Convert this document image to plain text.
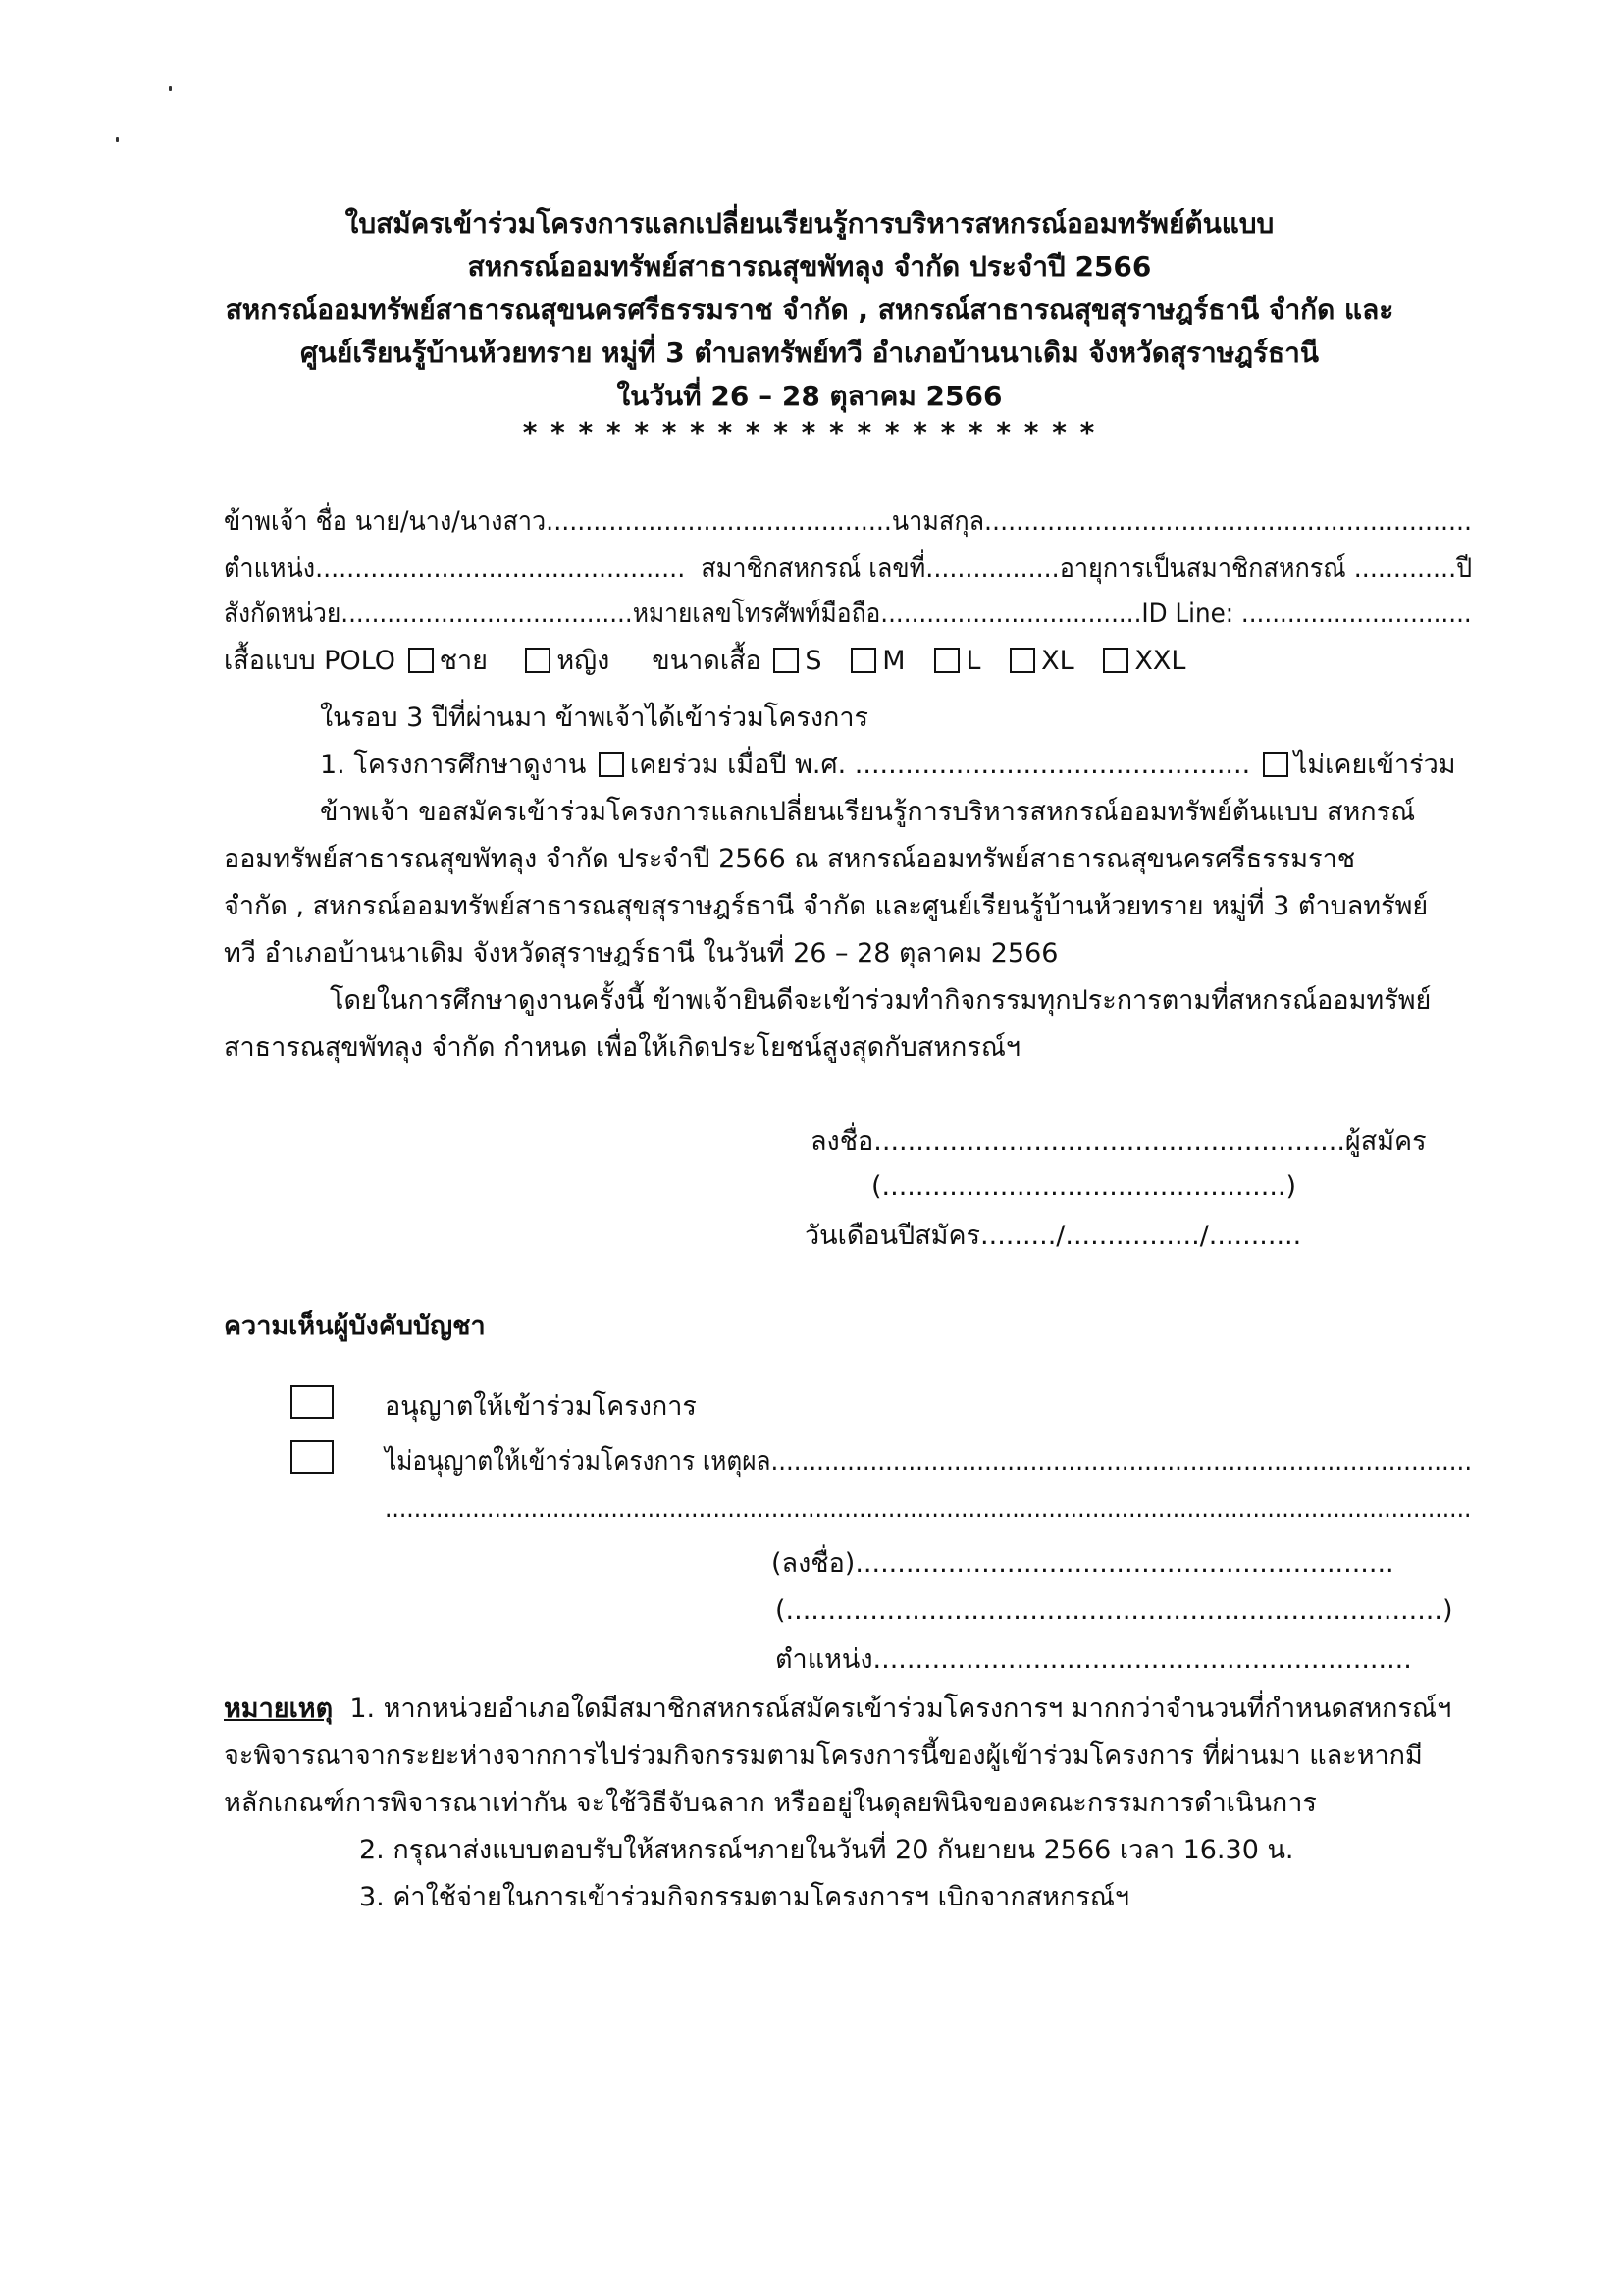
ใบสมัครเข้าร่วมโครงการแลกเปลี่ยนเรียนรู้การบริหารสหกรณ์ออมทรัพย์ต้นแบบ
สหกรณ์ออมทรัพย์สาธารณสุขพัทลุง จำกัด ประจำปี 2566
สหกรณ์ออมทรัพย์สาธารณสุขนครศรีธรรมราช จำกัด , สหกรณ์สาธารณสุขสุราษฎร์ธานี จำกัด และ
ศูนย์เรียนรู้บ้านห้วยทราย หมู่ที่ 3 ตำบลทรัพย์ทวี อำเภอบ้านนาเดิม จังหวัดสุราษฎร์ธานี
ในวันที่ 26 – 28 ตุลาคม 2566
* * * * * * * * * * * * * * * * * * * * *
ข้าพเจ้า ชื่อ นาย/นาง/นางสาว............................................นามสกุล..............................................................
ตำแหน่ง............................................... สมาชิกสหกรณ์ เลขที่.................อายุการเป็นสมาชิกสหกรณ์ .............ปี
สังกัดหน่วย......................................หมายเลขโทรศัพท์มือถือ..................................ID Line: ..............................
เสื้อแบบ POLO ชาย	หญิง ขนาดเสื้อ S M L XL XXL
ในรอบ 3 ปีที่ผ่านมา ข้าพเจ้าได้เข้าร่วมโครงการ
1. โครงการศึกษาดูงาน เคยร่วม เมื่อปี พ.ศ. ............................................... ไม่เคยเข้าร่วม
ข้าพเจ้า ขอสมัครเข้าร่วมโครงการแลกเปลี่ยนเรียนรู้การบริหารสหกรณ์ออมทรัพย์ต้นแบบ สหกรณ์
ออมทรัพย์สาธารณสุขพัทลุง จำกัด ประจำปี 2566 ณ สหกรณ์ออมทรัพย์สาธารณสุขนครศรีธรรมราช
จำกัด , สหกรณ์ออมทรัพย์สาธารณสุขสุราษฎร์ธานี จำกัด และศูนย์เรียนรู้บ้านห้วยทราย หมู่ที่ 3 ตำบลทรัพย์
ทวี อำเภอบ้านนาเดิม จังหวัดสุราษฎร์ธานี ในวันที่ 26 – 28 ตุลาคม 2566
โดยในการศึกษาดูงานครั้งนี้ ข้าพเจ้ายินดีจะเข้าร่วมทำกิจกรรมทุกประการตามที่สหกรณ์ออมทรัพย์
สาธารณสุขพัทลุง จำกัด กำหนด เพื่อให้เกิดประโยชน์สูงสุดกับสหกรณ์ฯ
ลงชื่อ........................................................ผู้สมัคร
(................................................)
วันเดือนปีสมัคร........./................/...........
ความเห็นผู้บังคับบัญชา
อนุญาตให้เข้าร่วมโครงการ
ไม่อนุญาตให้เข้าร่วมโครงการ เหตุผล............................................................................................
.....................................................................................................................................................
(ลงชื่อ)................................................................
(..............................................................................)
ตำแหน่ง................................................................
หมายเหตุ 1. หากหน่วยอำเภอใดมีสมาชิกสหกรณ์สมัครเข้าร่วมโครงการฯ มากกว่าจำนวนที่กำหนดสหกรณ์ฯ
จะพิจารณาจากระยะห่างจากการไปร่วมกิจกรรมตามโครงการนี้ของผู้เข้าร่วมโครงการ ที่ผ่านมา และหากมี
หลักเกณฑ์การพิจารณาเท่ากัน จะใช้วิธีจับฉลาก หรืออยู่ในดุลยพินิจของคณะกรรมการดำเนินการ
2. กรุณาส่งแบบตอบรับให้สหกรณ์ฯภายในวันที่ 20 กันยายน 2566 เวลา 16.30 น.
3. ค่าใช้จ่ายในการเข้าร่วมกิจกรรมตามโครงการฯ เบิกจากสหกรณ์ฯ
